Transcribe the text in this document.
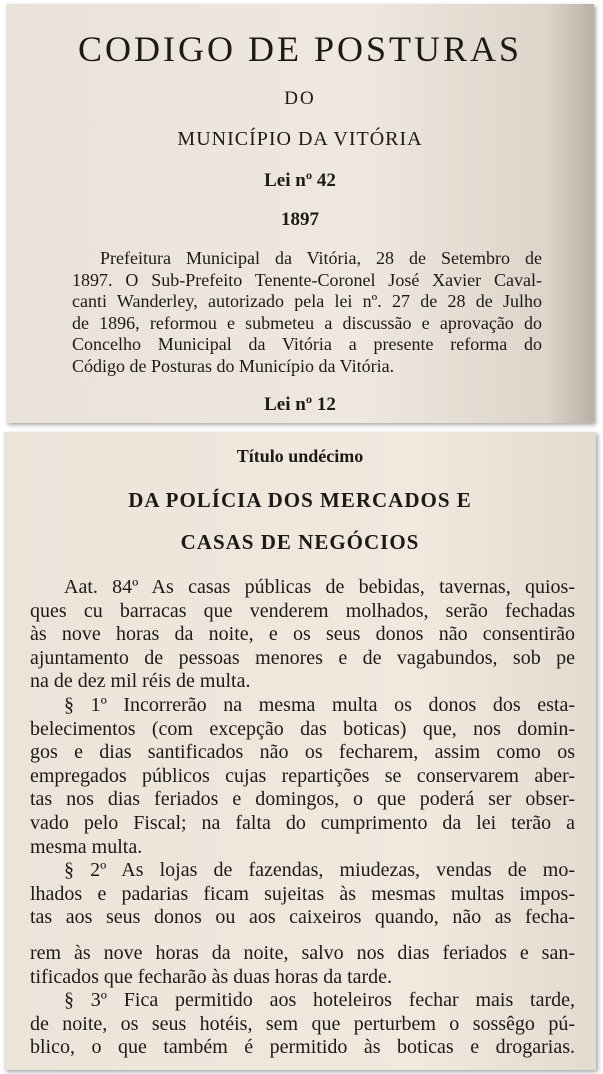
CODIGO DE POSTURAS
DO
MUNICÍPIO DA VITÓRIA
Lei nº 42
1897
Prefeitura Municipal da Vitória, 28 de Setembro de
1897. O Sub-Prefeito Tenente-Coronel José Xavier Caval-
canti Wanderley, autorizado pela lei nº. 27 de 28 de Julho
de 1896, reformou e submeteu a discussão e aprovação do
Concelho Municipal da Vitória a presente reforma do
Código de Posturas do Município da Vitória.
Lei nº 12
Título undécimo
DA POLÍCIA DOS MERCADOS E
CASAS DE NEGÓCIOS
Aat. 84º As casas públicas de bebidas, tavernas, quios-
ques cu barracas que venderem molhados, serão fechadas
às nove horas da noite, e os seus donos não consentirão
ajuntamento de pessoas menores e de vagabundos, sob pe
na de dez mil réis de multa.
§ 1º Incorrerão na mesma multa os donos dos esta-
belecimentos (com excepção das boticas) que, nos domin-
gos e dias santificados não os fecharem, assim como os
empregados públicos cujas repartições se conservarem aber-
tas nos dias feriados e domingos, o que poderá ser obser-
vado pelo Fiscal; na falta do cumprimento da lei terão a
mesma multa.
§ 2º As lojas de fazendas, miudezas, vendas de mo-
lhados e padarias ficam sujeitas às mesmas multas impos-
tas aos seus donos ou aos caixeiros quando, não as fecha-
rem às nove horas da noite, salvo nos dias feriados e san-
tificados que fecharão às duas horas da tarde.
§ 3º Fica permitido aos hoteleiros fechar mais tarde,
de noite, os seus hotéis, sem que perturbem o sossêgo pú-
blico, o que também é permitido às boticas e drogarias.
